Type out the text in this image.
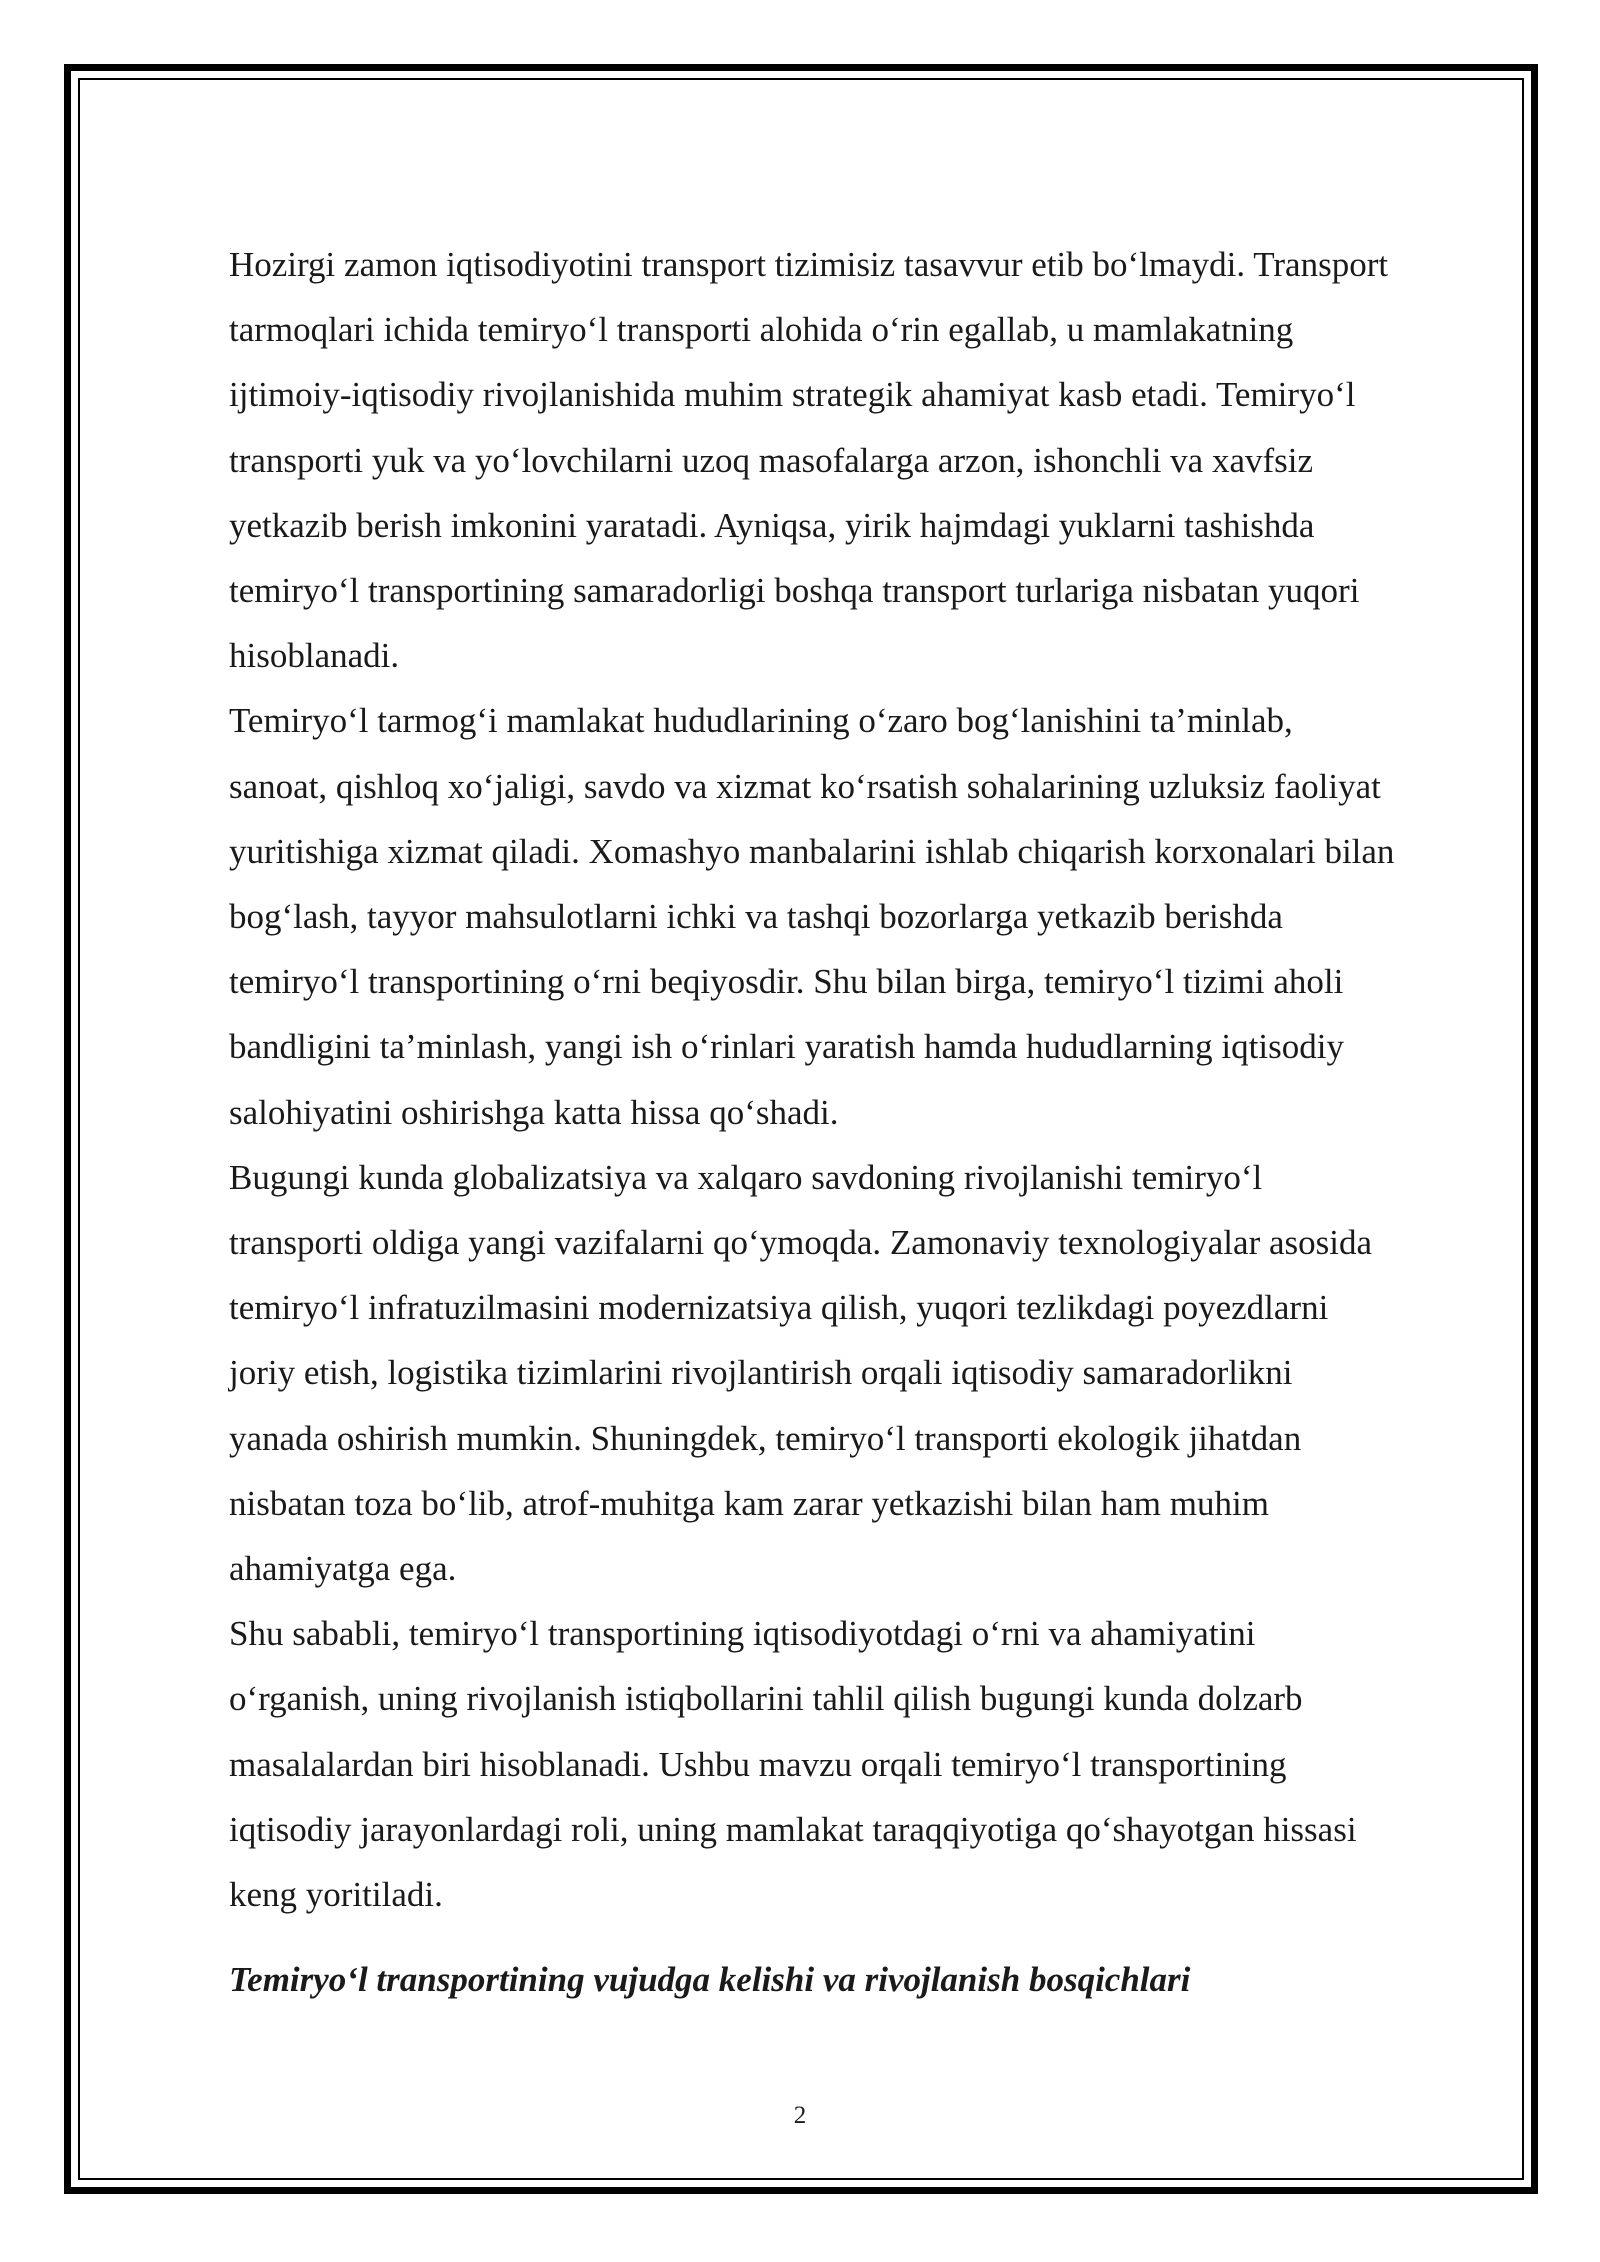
Hozirgi zamon iqtisodiyotini transport tizimisiz tasavvur etib bo‘lmaydi. Transport
tarmoqlari ichida temiryo‘l transporti alohida o‘rin egallab, u mamlakatning
ijtimoiy-iqtisodiy rivojlanishida muhim strategik ahamiyat kasb etadi. Temiryo‘l
transporti yuk va yo‘lovchilarni uzoq masofalarga arzon, ishonchli va xavfsiz
yetkazib berish imkonini yaratadi. Ayniqsa, yirik hajmdagi yuklarni tashishda
temiryo‘l transportining samaradorligi boshqa transport turlariga nisbatan yuqori
hisoblanadi.

Temiryo‘l tarmog‘i mamlakat hududlarining o‘zaro bog‘lanishini ta’minlab,
sanoat, qishloq xo‘jaligi, savdo va xizmat ko‘rsatish sohalarining uzluksiz faoliyat
yuritishiga xizmat qiladi. Xomashyo manbalarini ishlab chiqarish korxonalari bilan
bog‘lash, tayyor mahsulotlarni ichki va tashqi bozorlarga yetkazib berishda
temiryo‘l transportining o‘rni beqiyosdir. Shu bilan birga, temiryo‘l tizimi aholi
bandligini ta’minlash, yangi ish o‘rinlari yaratish hamda hududlarning iqtisodiy
salohiyatini oshirishga katta hissa qo‘shadi.

Bugungi kunda globalizatsiya va xalqaro savdoning rivojlanishi temiryo‘l
transporti oldiga yangi vazifalarni qo‘ymoqda. Zamonaviy texnologiyalar asosida
temiryo‘l infratuzilmasini modernizatsiya qilish, yuqori tezlikdagi poyezdlarni
joriy etish, logistika tizimlarini rivojlantirish orqali iqtisodiy samaradorlikni
yanada oshirish mumkin. Shuningdek, temiryo‘l transporti ekologik jihatdan
nisbatan toza bo‘lib, atrof-muhitga kam zarar yetkazishi bilan ham muhim
ahamiyatga ega.

Shu sababli, temiryo‘l transportining iqtisodiyotdagi o‘rni va ahamiyatini
o‘rganish, uning rivojlanish istiqbollarini tahlil qilish bugungi kunda dolzarb
masalalardan biri hisoblanadi. Ushbu mavzu orqali temiryo‘l transportining
iqtisodiy jarayonlardagi roli, uning mamlakat taraqqiyotiga qo‘shayotgan hissasi
keng yoritiladi.

Temiryo‘l transportining vujudga kelishi va rivojlanish bosqichlari

2
